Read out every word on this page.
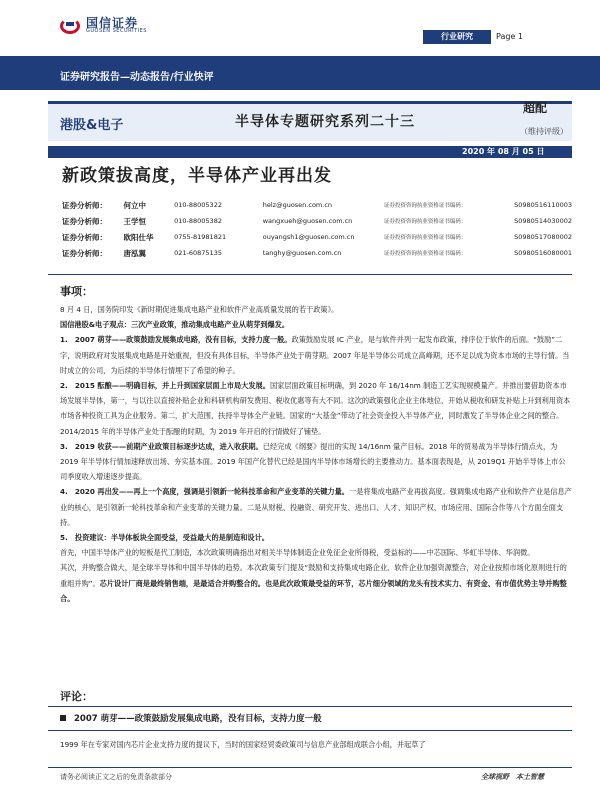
国信证券
GUOSEN SECURITIES
行业研究	Page 1
证券研究报告—动态报告/行业快评
港股&电子	半导体专题研究系列二十三
超配
（维持评级）
2020 年 08 月 05 日
新政策拔高度，半导体产业再出发
证券分析师：	何立中	010-88005322	helz@guosen.com.cn	证券投资咨询执业资格证书编码：	S0980516110003
证券分析师：	王学恒	010-88005382	wangxueh@guosen.com.cn	证券投资咨询执业资格证书编码：	S0980514030002
证券分析师：	欧阳仕华	0755-81981821	ouyangsh1@guosen.com.cn	证券投资咨询执业资格证书编码：	S0980517080002
证券分析师：	唐泓翼	021-60875135	tanghy@guosen.com.cn	证券投资咨询执业资格证书编码：	S0980516080001
事项：

8 月 4 日，国务院印发《新时期促进集成电路产业和软件产业高质量发展的若干政策》。

国信港股&电子观点：三次产业政策，推动集成电路产业从萌芽到爆发。

1.　2007 萌芽——政策鼓励发展集成电路，没有目标，支持力度一般。政策鼓励发展 IC 产业，是与软件并列一起发布政策，排序位于软件的后面。“鼓励”二字，说明政府对发展集成电路是开始重视，但没有具体目标，半导体产业处于萌芽期。2007 年是半导体公司成立高峰期，还不足以成为资本市场的主导行情。当时成立的公司，为后续的半导体行情埋下了希望的种子。

2.　2015 酝酿——明确目标，并上升到国家层面上市局大发展。国家层面政策目标明确，到 2020 年 16/14nm 制造工艺实现规模量产。并推出要借助资本市场发展半导体，第一，与以往以直接补贴企业和科研机构研发费用、税收优惠等有大不同。这次的政策强化企业主体地位，开始从税收和研发补贴上升到利用资本市场各种投资工具为企业服务。第二，扩大范围，扶持半导体全产业链。国家的“大基金”带动了社会资金投入半导体产业，同时激发了半导体企业之间的整合。2014/2015 年的半导体产业处于酝酿的时期，为 2019 年开启的行情做好了铺垫。

3.　2019 收获——前期产业政策目标逐步达成，进入收获期。已经完成《纲要》提出的实现 14/16nm 量产目标。2018 年的贸易战为半导体行情点火，为 2019 年半导体行情加速释放出场、夯实基本面。2019 年国产化替代已经是国内半导体市场增长的主要推动力。基本面表现是，从 2019Q1 开始半导体上市公司季度收入增速逐步提高。

4.　2020 再出发——再上一个高度，强调是引领新一轮科技革命和产业变革的关键力量。一是将集成电路产业再拔高度。强调集成电路产业和软件产业是信息产业的核心，是引领新一轮科技革命和产业变革的关键力量。二是从财税、投融资、研究开发、进出口、人才、知识产权、市场应用、国际合作等八个方面全面支持。

5.　投资建议：半导体板块全面受益，受益最大的是制造和设计。

首先，中国半导体产业的短板是代工制造，本次政策明确指出对相关半导体制造企业免征企业所得税，受益标的——中芯国际、华虹半导体、华润微。

其次，并购整合做大，是全球半导体和中国半导体的趋势。本次政策专门提及“鼓励和支持集成电路企业、软件企业加强资源整合，对企业按照市场化原则进行的重组并购”。芯片设计厂商是最终销售端，是最适合并购整合的。也是此次政策最受益的环节，芯片细分领域的龙头有技术实力、有资金、有市值优势主导并购整合。

评论：
2007 萌芽——政策鼓励发展集成电路，没有目标，支持力度一般
1999 年在专家对国内芯片企业支持力度的提议下，当时的国家经贸委政策司与信息产业部组成联合小组，并起草了
请务必阅读正文之后的免责条款部分	全球视野　本土智慧
